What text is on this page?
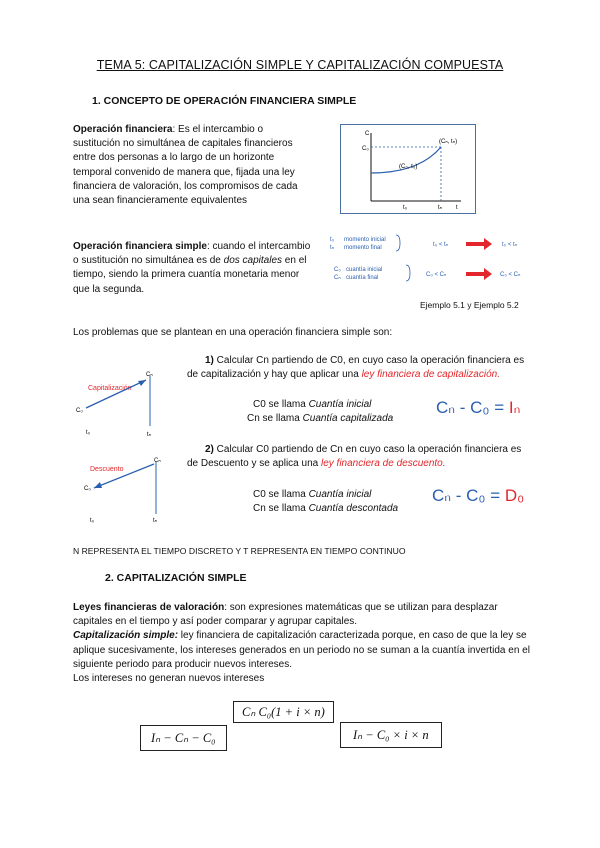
TEMA 5: CAPITALIZACIÓN SIMPLE Y CAPITALIZACIÓN COMPUESTA
1. CONCEPTO DE OPERACIÓN FINANCIERA SIMPLE
Operación financiera: Es el intercambio o sustitución no simultánea de capitales financieros entre dos personas a lo largo de un horizonte temporal convenido de manera que, fijada una ley financiera de valoración, los compromisos de cada una sean financieramente equivalentes
Operación financiera simple: cuando el intercambio o sustitución no simultánea es de dos capitales en el tiempo, siendo la primera cuantía monetaria menor que la segunda.
C
C₀
(Cₙ, tₙ)
(C₀, t₀)
t₀	tₙ t
t₀
tₙ
momento inicial
momento final	t₀ < tₙ	t₀ < tₙ
C₀
Cₙ
cuantía inicial
cuantía final	C₀ < Cₙ	C₀ < Cₙ
Ejemplo 5.1 y Ejemplo 5.2
Los problemas que se plantean en una operación financiera simple son:
Capitalización
C₀
Cₙ
t₀	tₙ
1) Calcular Cn partiendo de C0, en cuyo caso la operación financiera es de capitalización y hay que aplicar una ley financiera de capitalización.
C0 se llama Cuantía inicial
Cn se llama Cuantía capitalizada
Cₙ - C₀ = Iₙ
Descuento
C₀
Cₙ
t₀	tₙ
2) Calcular C0 partiendo de Cn en cuyo caso la operación financiera es de Descuento y se aplica una ley financiera de descuento.
C0 se llama Cuantía inicial
Cn se llama Cuantía descontada
Cₙ - C₀ = D₀
N REPRESENTA EL TIEMPO DISCRETO Y T REPRESENTA EN TIEMPO CONTINUO
2. CAPITALIZACIÓN SIMPLE
Leyes financieras de valoración: son expresiones matemáticas que se utilizan para desplazar capitales en el tiempo y así poder comparar y agrupar capitales.
Capitalización simple: ley financiera de capitalización caracterizada porque, en caso de que la ley se aplique sucesivamente, los intereses generados en un periodo no se suman a la cuantía invertida en el siguiente periodo para producir nuevos intereses.
Los intereses no generan nuevos intereses
Cₙ C₀(1 + i × n)
Iₙ − Cₙ − C₀	Iₙ − C₀ × i × n
